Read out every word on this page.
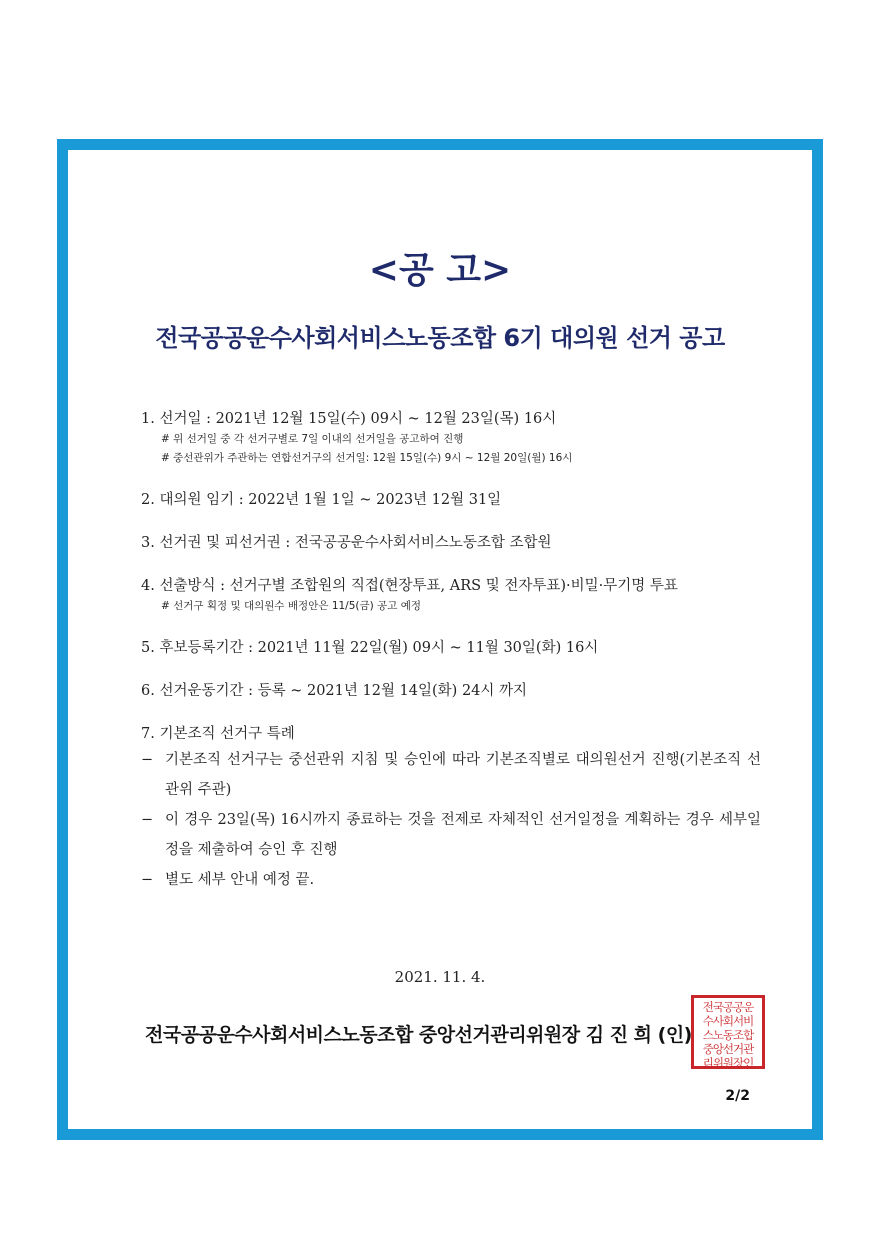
<공 고>
전국공공운수사회서비스노동조합 6기 대의원 선거 공고

1. 선거일 : 2021년 12월 15일(수) 09시 ~ 12월 23일(목) 16시

# 위 선거일 중 각 선거구별로 7일 이내의 선거일을 공고하여 진행

# 중선관위가 주관하는 연합선거구의 선거일: 12월 15일(수) 9시 ~ 12월 20일(월) 16시

2. 대의원 임기 : 2022년 1월 1일 ~ 2023년 12월 31일

3. 선거권 및 피선거권 : 전국공공운수사회서비스노동조합 조합원

4. 선출방식 : 선거구별 조합원의 직접(현장투표, ARS 및 전자투표)·비밀·무기명 투표

# 선거구 획정 및 대의원수 배정안은 11/5(금) 공고 예정

5. 후보등록기간 : 2021년 11월 22일(월) 09시 ~ 11월 30일(화) 16시

6. 선거운동기간 : 등록 ~ 2021년 12월 14일(화) 24시 까지

7. 기본조직 선거구 특례

− 기본조직 선거구는 중선관위 지침 및 승인에 따라 기본조직별로 대의원선거 진행(기본조직 선관위 주관)
− 이 경우 23일(목) 16시까지 종료하는 것을 전제로 자체적인 선거일정을 계획하는 경우 세부일정을 제출하여 승인 후 진행
− 별도 세부 안내 예정 끝.
2021. 11. 4.
전국공공운수사회서비스노동조합 중앙선거관리위원장 김 진 희 (인)
전국공공운
수사회서비
스노동조합
중앙선거관
리위원장인
2/2
